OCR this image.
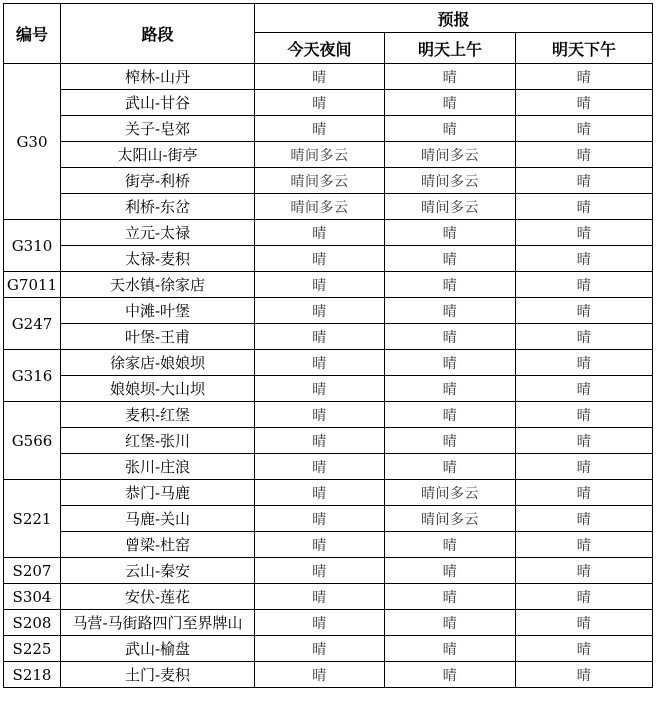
编号	路段	预报		
		今天夜间	明天上午	明天下午
G30	榨林-山丹	晴	晴	晴
	武山-甘谷	晴	晴	晴
	关子-皂郊	晴	晴	晴
	太阳山-街亭	晴间多云	晴间多云	晴
	街亭-利桥	晴间多云	晴间多云	晴
	利桥-东岔	晴间多云	晴间多云	晴
G310	立元-太禄	晴	晴	晴
	太禄-麦积	晴	晴	晴
G7011	天水镇-徐家店	晴	晴	晴
G247	中滩-叶堡	晴	晴	晴
	叶堡-王甫	晴	晴	晴
G316	徐家店-娘娘坝	晴	晴	晴
	娘娘坝-大山坝	晴	晴	晴
G566	麦积-红堡	晴	晴	晴
	红堡-张川	晴	晴	晴
	张川-庄浪	晴	晴	晴
S221	恭门-马鹿	晴	晴间多云	晴
	马鹿-关山	晴	晴间多云	晴
	曾梁-杜窑	晴	晴	晴
S207	云山-秦安	晴	晴	晴
S304	安伏-莲花	晴	晴	晴
S208	马营-马街路四门至界牌山	晴	晴	晴
S225	武山-榆盘	晴	晴	晴
S218	土门-麦积	晴	晴	晴
